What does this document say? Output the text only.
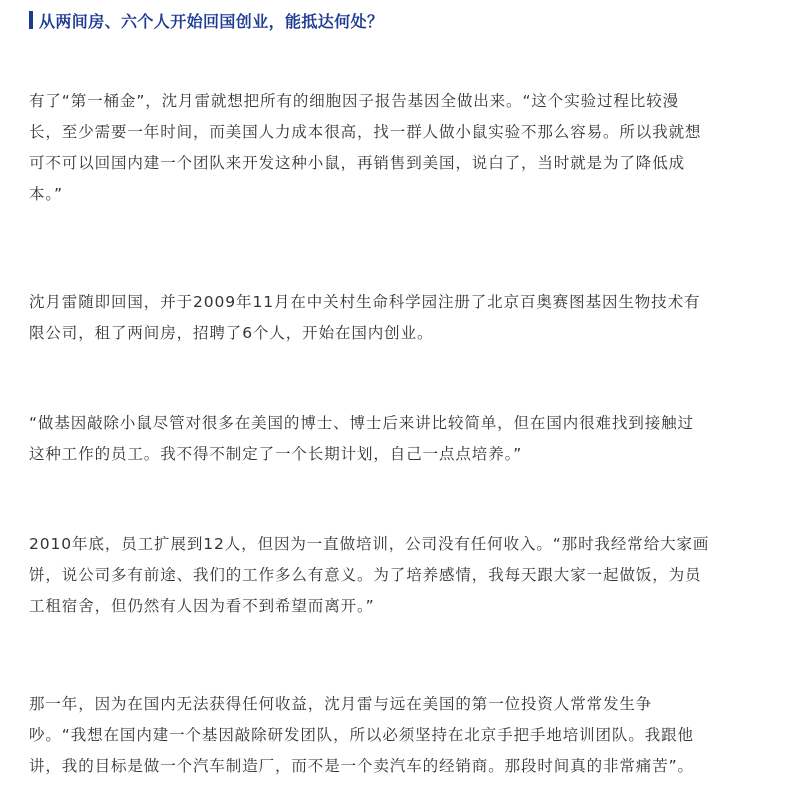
从两间房、六个人开始回国创业，能抵达何处？

有了“第一桶金”，沈月雷就想把所有的细胞因子报告基因全做出来。“这个实验过程比较漫
长，至少需要一年时间，而美国人力成本很高，找一群人做小鼠实验不那么容易。所以我就想
可不可以回国内建一个团队来开发这种小鼠，再销售到美国，说白了，当时就是为了降低成
本。”

沈月雷随即回国，并于2009年11月在中关村生命科学园注册了北京百奥赛图基因生物技术有
限公司，租了两间房，招聘了6个人，开始在国内创业。

“做基因敲除小鼠尽管对很多在美国的博士、博士后来讲比较简单，但在国内很难找到接触过
这种工作的员工。我不得不制定了一个长期计划，自己一点点培养。”

2010年底，员工扩展到12人，但因为一直做培训，公司没有任何收入。“那时我经常给大家画
饼，说公司多有前途、我们的工作多么有意义。为了培养感情，我每天跟大家一起做饭，为员
工租宿舍，但仍然有人因为看不到希望而离开。”

那一年，因为在国内无法获得任何收益，沈月雷与远在美国的第一位投资人常常发生争
吵。“我想在国内建一个基因敲除研发团队，所以必须坚持在北京手把手地培训团队。我跟他
讲，我的目标是做一个汽车制造厂，而不是一个卖汽车的经销商。那段时间真的非常痛苦”。
